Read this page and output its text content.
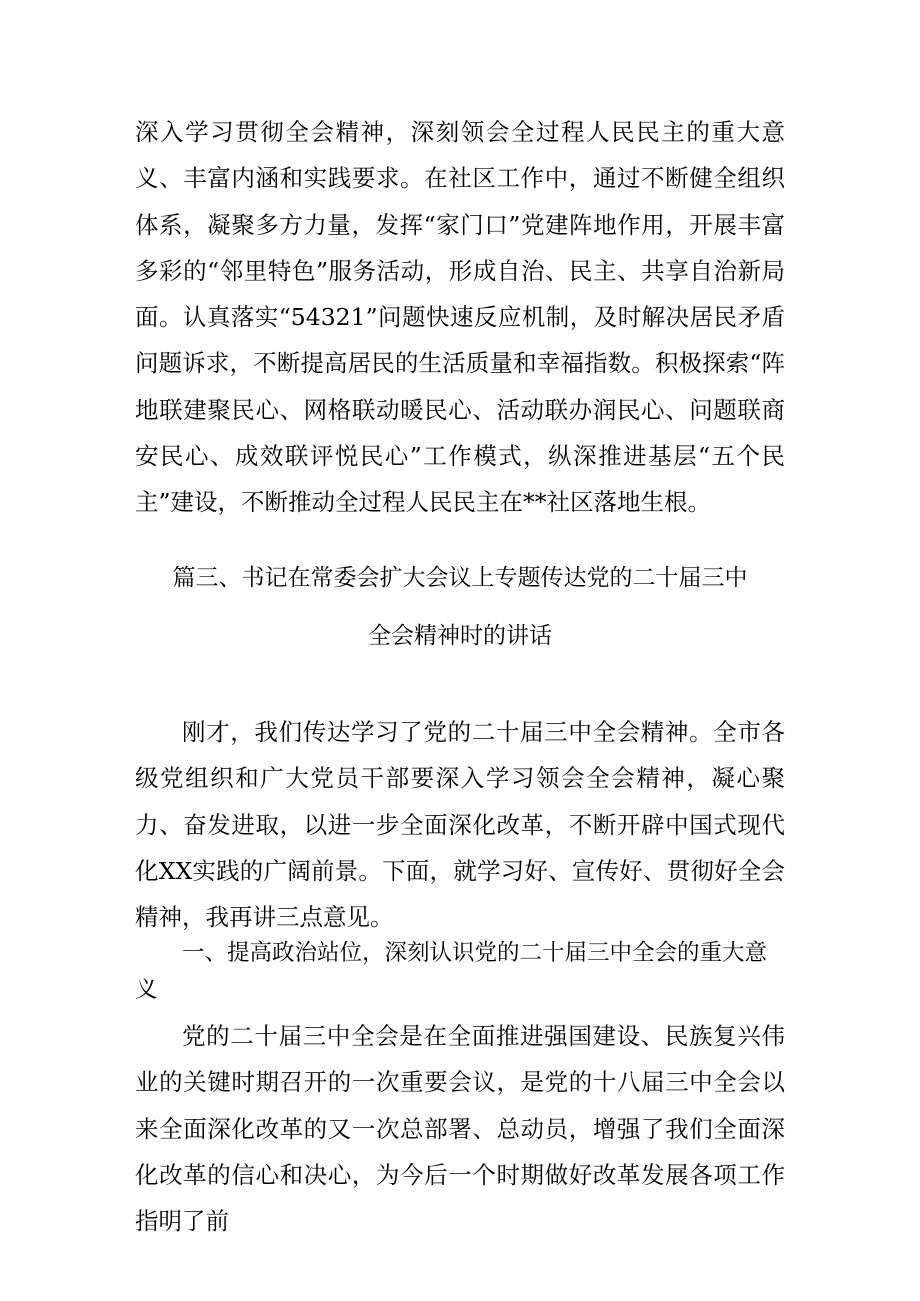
深入学习贯彻全会精神，深刻领会全过程人民民主的重大意义、丰富内涵和实践要求。在社区工作中，通过不断健全组织体系，凝聚多方力量，发挥“家门口”党建阵地作用，开展丰富多彩的“邻里特色”服务活动，形成自治、民主、共享自治新局面。认真落实“54321”问题快速反应机制，及时解决居民矛盾问题诉求，不断提高居民的生活质量和幸福指数。积极探索“阵地联建聚民心、网格联动暖民心、活动联办润民心、问题联商安民心、成效联评悦民心”工作模式，纵深推进基层“五个民主”建设，不断推动全过程人民民主在**社区落地生根。

篇三、书记在常委会扩大会议上专题传达党的二十届三中

全会精神时的讲话

刚才，我们传达学习了党的二十届三中全会精神。全市各级党组织和广大党员干部要深入学习领会全会精神，凝心聚力、奋发进取，以进一步全面深化改革，不断开辟中国式现代化XX实践的广阔前景。下面，就学习好、宣传好、贯彻好全会精神，我再讲三点意见。

一、提高政治站位，深刻认识党的二十届三中全会的重大意义

党的二十届三中全会是在全面推进强国建设、民族复兴伟业的关键时期召开的一次重要会议，是党的十八届三中全会以来全面深化改革的又一次总部署、总动员，增强了我们全面深化改革的信心和决心，为今后一个时期做好改革发展各项工作指明了前
